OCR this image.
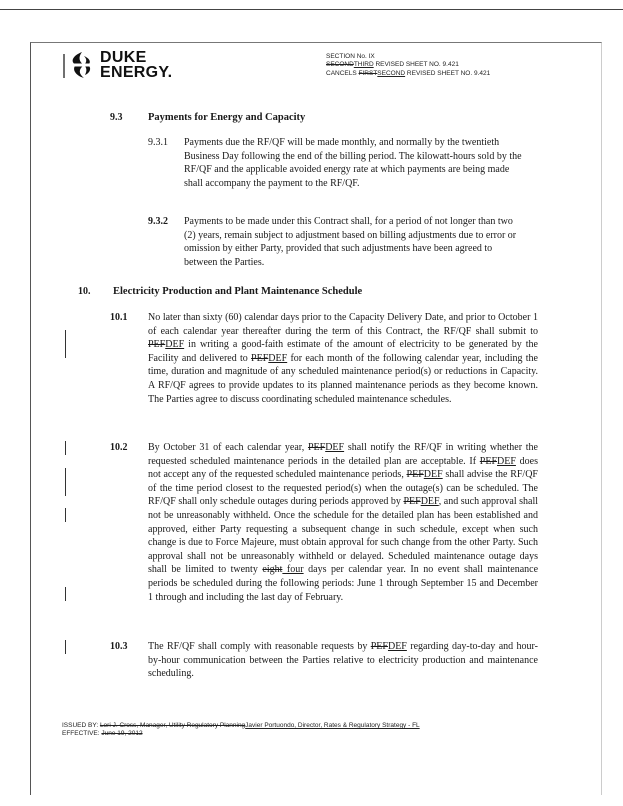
DUKE
ENERGY.
SECTION No. IX
SECONDTHIRD REVISED SHEET NO. 9.421
CANCELS FIRSTSECOND REVISED SHEET NO. 9.421
9.3 Payments for Energy and Capacity
9.3.1 Payments due the RF/QF will be made monthly, and normally by the twentieth Business Day following the end of the billing period. The kilowatt-hours sold by the RF/QF and the applicable avoided energy rate at which payments are being made shall accompany the payment to the RF/QF.
9.3.2 Payments to be made under this Contract shall, for a period of not longer than two (2) years, remain subject to adjustment based on billing adjustments due to error or omission by either Party, provided that such adjustments have been agreed to between the Parties.
10. Electricity Production and Plant Maintenance Schedule
10.1 No later than sixty (60) calendar days prior to the Capacity Delivery Date, and prior to October 1 of each calendar year thereafter during the term of this Contract, the RF/QF shall submit to PEFDEF in writing a good-faith estimate of the amount of electricity to be generated by the Facility and delivered to PEFDEF for each month of the following calendar year, including the time, duration and magnitude of any scheduled maintenance period(s) or reductions in Capacity. A RF/QF agrees to provide updates to its planned maintenance periods as they become known. The Parties agree to discuss coordinating scheduled maintenance schedules.
10.2 By October 31 of each calendar year, PEFDEF shall notify the RF/QF in writing whether the requested scheduled maintenance periods in the detailed plan are acceptable. If PEFDEF does not accept any of the requested scheduled maintenance periods, PEFDEF shall advise the RF/QF of the time period closest to the requested period(s) when the outage(s) can be scheduled. The RF/QF shall only schedule outages during periods approved by PEFDEF, and such approval shall not be unreasonably withheld. Once the schedule for the detailed plan has been established and approved, either Party requesting a subsequent change in such schedule, except when such change is due to Force Majeure, must obtain approval for such change from the other Party. Such approval shall not be unreasonably withheld or delayed. Scheduled maintenance outage days shall be limited to twenty eight four days per calendar year. In no event shall maintenance periods be scheduled during the following periods: June 1 through September 15 and December 1 through and including the last day of February.
10.3 The RF/QF shall comply with reasonable requests by PEFDEF regarding day-to-day and hour-by-hour communication between the Parties relative to electricity production and maintenance scheduling.
ISSUED BY: Lori J. Cross, Manager, Utility Regulatory PlanningJavier Portuondo, Director, Rates & Regulatory Strategy - FL
EFFECTIVE: June 19, 2012
